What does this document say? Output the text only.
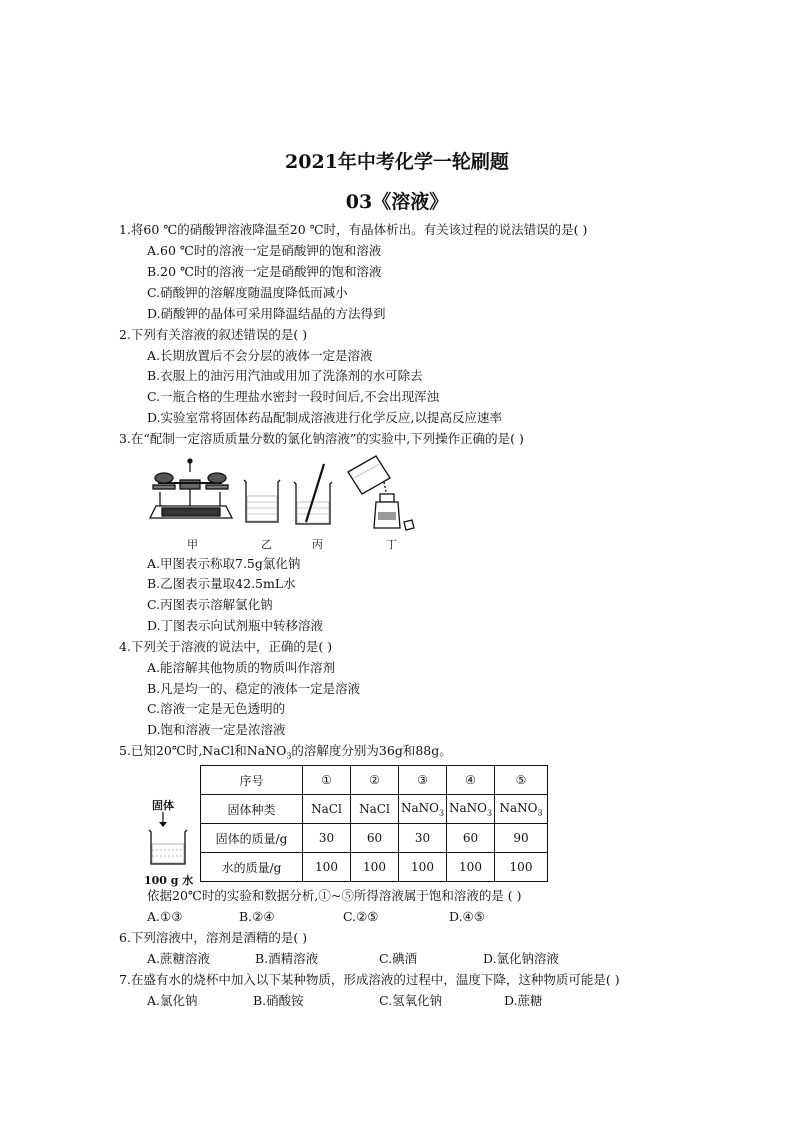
2021年中考化学一轮刷题
03《溶液》
1.将60 ℃的硝酸钾溶液降温至20 ℃时，有晶体析出。有关该过程的说法错误的是( )
A.60 ℃时的溶液一定是硝酸钾的饱和溶液
B.20 ℃时的溶液一定是硝酸钾的饱和溶液
C.硝酸钾的溶解度随温度降低而减小
D.硝酸钾的晶体可采用降温结晶的方法得到
2.下列有关溶液的叙述错误的是( )
A.长期放置后不会分层的液体一定是溶液
B.衣服上的油污用汽油或用加了洗涤剂的水可除去
C.一瓶合格的生理盐水密封一段时间后,不会出现浑浊
D.实验室常将固体药品配制成溶液进行化学反应,以提高反应速率
3.在“配制一定溶质质量分数的氯化钠溶液”的实验中,下列操作正确的是( )
甲	乙	丙	丁
A.甲图表示称取7.5g氯化钠
B.乙图表示量取42.5mL水
C.丙图表示溶解氯化钠
D.丁图表示向试剂瓶中转移溶液
4.下列关于溶液的说法中，正确的是( )
A.能溶解其他物质的物质叫作溶剂
B.凡是均一的、稳定的液体一定是溶液
C.溶液一定是无色透明的
D.饱和溶液一定是浓溶液
5.已知20℃时,NaCl和NaNO$_3$的溶解度分别为36g和88g。
固体
100 g 水
序号	①	②	③	④	⑤
固体种类	NaCl	NaCl	NaNO$_3$	NaNO$_3$	NaNO$_3$
固体的质量/g	30	60	30	60	90
水的质量/g	100	100	100	100	100
依据20℃时的实验和数据分析,①~⑤所得溶液属于饱和溶液的是 ( )
A.①③	B.②④	C.②⑤	D.④⑤
6.下列溶液中，溶剂是酒精的是( )
A.蔗糖溶液	B.酒精溶液	C.碘酒	D.氯化钠溶液
7.在盛有水的烧杯中加入以下某种物质，形成溶液的过程中，温度下降，这种物质可能是( )
A.氯化钠	B.硝酸铵	C.氢氧化钠	D.蔗糖
